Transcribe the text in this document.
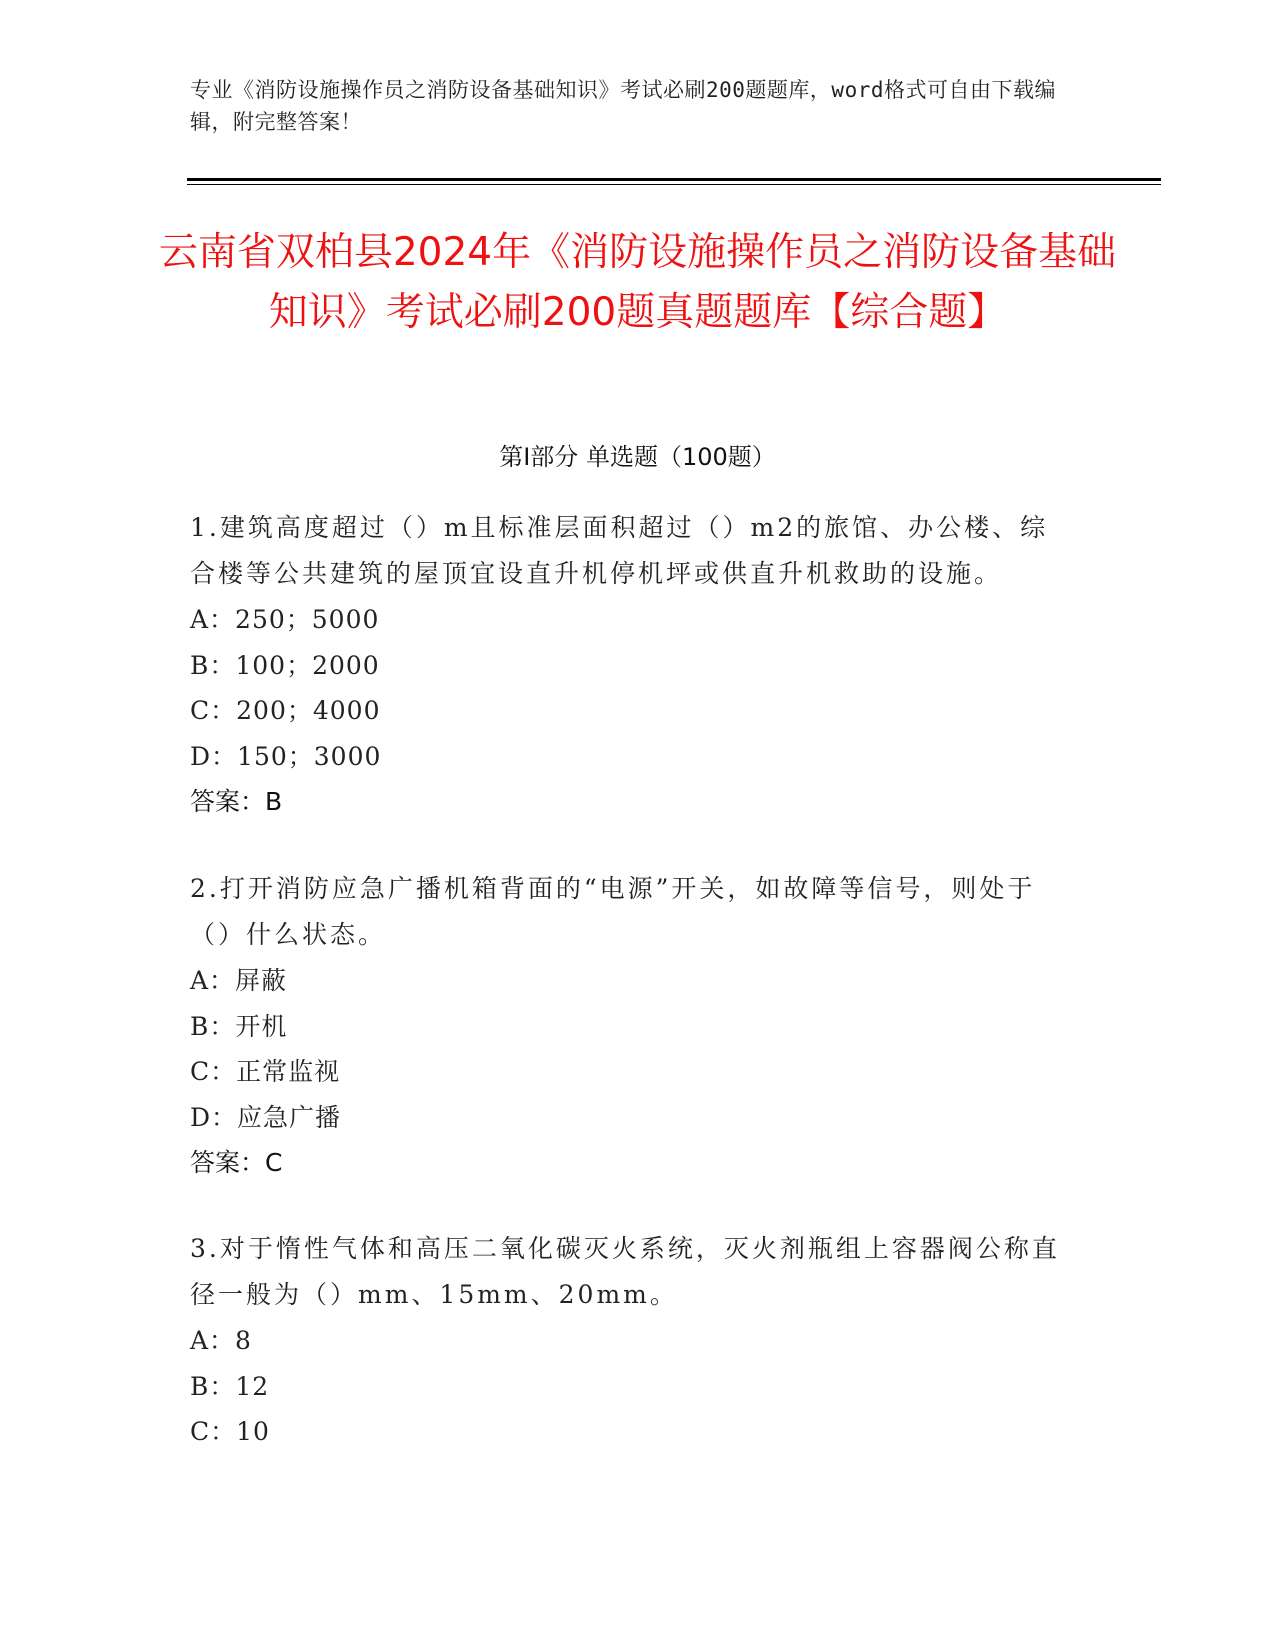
专业《消防设施操作员之消防设备基础知识》考试必刷200题题库，word格式可自由下载编辑，附完整答案！
云南省双柏县2024年《消防设施操作员之消防设备基础知识》考试必刷200题真题题库【综合题】
第I部分 单选题（100题）
1.建筑高度超过（）m且标准层面积超过（）m2的旅馆、办公楼、综合楼等公共建筑的屋顶宜设直升机停机坪或供直升机救助的设施。
A：250；5000
B：100；2000
C：200；4000
D：150；3000
答案：B
2.打开消防应急广播机箱背面的“电源”开关，如故障等信号，则处于（）什么状态。
A：屏蔽
B：开机
C：正常监视
D：应急广播
答案：C
3.对于惰性气体和高压二氧化碳灭火系统，灭火剂瓶组上容器阀公称直径一般为（）mm、15mm、20mm。
A：8
B：12
C：10
